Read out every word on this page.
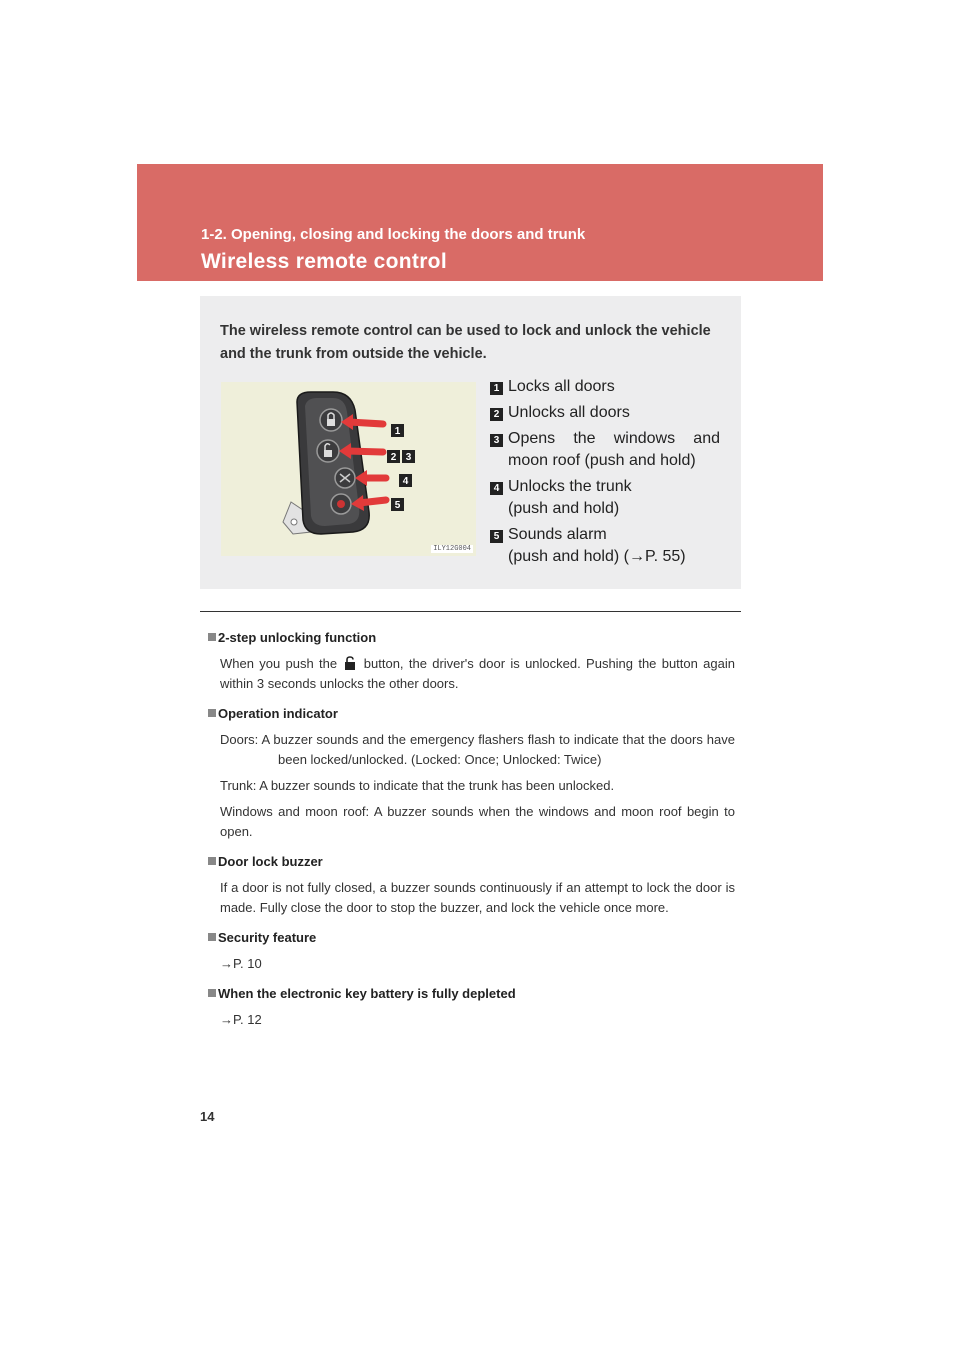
1-2. Opening, closing and locking the doors and trunk
Wireless remote control
The wireless remote control can be used to lock and unlock the vehicle and the trunk from outside the vehicle.
1
2 3
4
5
ILY12G004
1 Locks all doors
2 Unlocks all doors
3 Opens the windows and
moon roof (push and hold)
4 Unlocks the trunk
(push and hold)
5 Sounds alarm
(push and hold) (→P. 55)
2-step unlocking function
When you push the button, the driver's door is unlocked. Pushing the button again within 3 seconds unlocks the other doors.
Operation indicator
Doors: A buzzer sounds and the emergency flashers flash to indicate that the doors have been locked/unlocked. (Locked: Once; Unlocked: Twice)
Trunk: A buzzer sounds to indicate that the trunk has been unlocked.
Windows and moon roof: A buzzer sounds when the windows and moon roof begin to open.
Door lock buzzer
If a door is not fully closed, a buzzer sounds continuously if an attempt to lock the door is made. Fully close the door to stop the buzzer, and lock the vehicle once more.
Security feature
→P. 10
When the electronic key battery is fully depleted
→P. 12
14
